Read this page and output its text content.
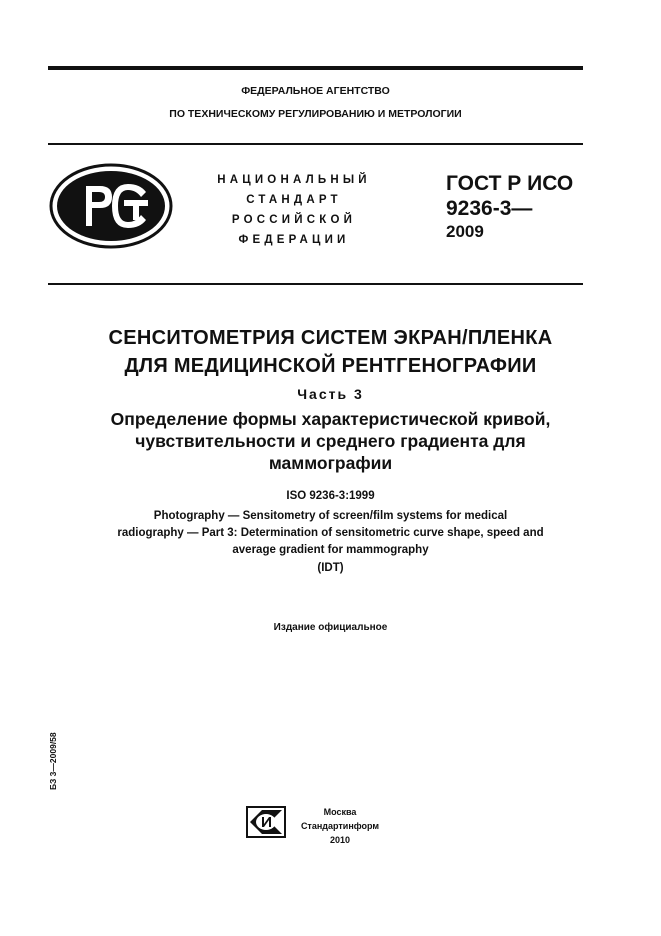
ФЕДЕРАЛЬНОЕ АГЕНТСТВО
ПО ТЕХНИЧЕСКОМУ РЕГУЛИРОВАНИЮ И МЕТРОЛОГИИ
НАЦИОНАЛЬНЫЙ
СТАНДАРТ
РОССИЙСКОЙ
ФЕДЕРАЦИИ
ГОСТ Р ИСО
9236-3—
2009
СЕНСИТОМЕТРИЯ СИСТЕМ ЭКРАН/ПЛЕНКА
ДЛЯ МЕДИЦИНСКОЙ РЕНТГЕНОГРАФИИ
Часть 3
Определение формы характеристической кривой,
чувствительности и среднего градиента для
маммографии
ISO 9236-3:1999
Photography — Sensitometry of screen/film systems for medical
radiography — Part 3: Determination of sensitometric curve shape, speed and
average gradient for mammography
(IDT)
Издание официальное
БЗ 3—2009/58
Москва
Стандартинформ
2010
